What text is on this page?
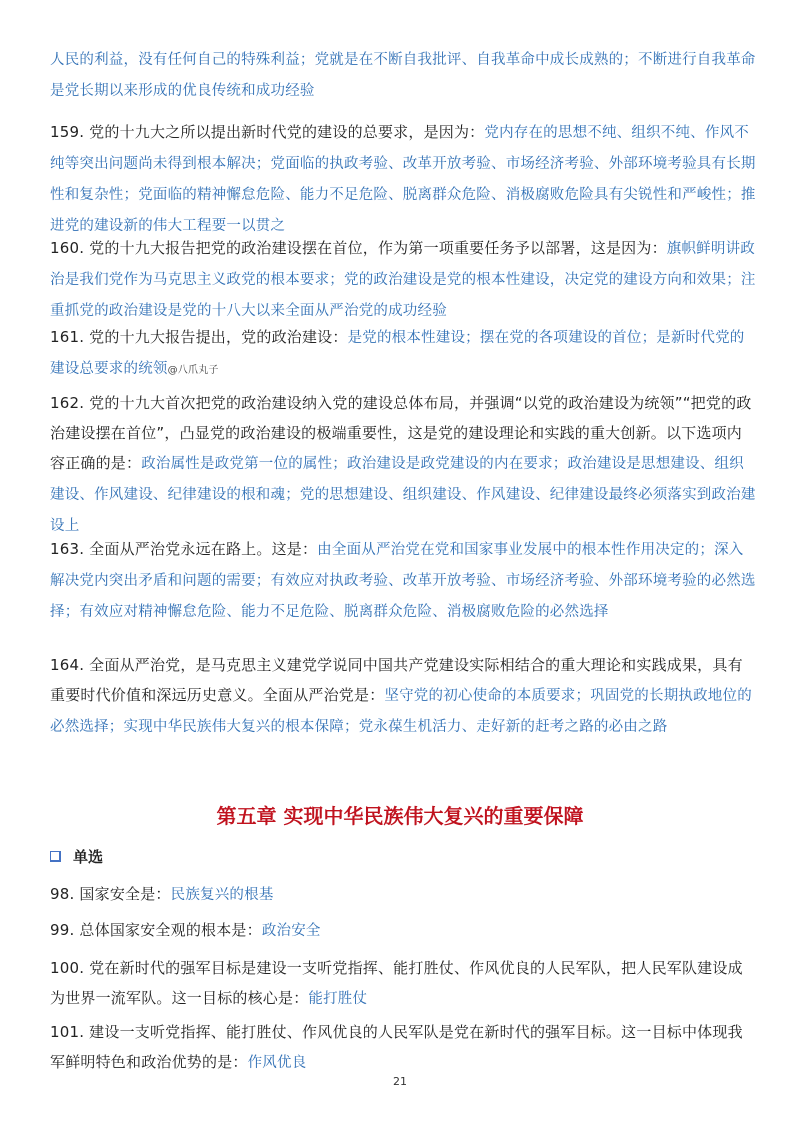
人民的利益，没有任何自己的特殊利益；党就是在不断自我批评、自我革命中成长成熟的；不断进行自我革命是党长期以来形成的优良传统和成功经验

159. 党的十九大之所以提出新时代党的建设的总要求，是因为：党内存在的思想不纯、组织不纯、作风不纯等突出问题尚未得到根本解决；党面临的执政考验、改革开放考验、市场经济考验、外部环境考验具有长期性和复杂性；党面临的精神懈怠危险、能力不足危险、脱离群众危险、消极腐败危险具有尖锐性和严峻性；推进党的建设新的伟大工程要一以贯之

160. 党的十九大报告把党的政治建设摆在首位，作为第一项重要任务予以部署，这是因为：旗帜鲜明讲政治是我们党作为马克思主义政党的根本要求；党的政治建设是党的根本性建设，决定党的建设方向和效果；注重抓党的政治建设是党的十八大以来全面从严治党的成功经验

161. 党的十九大报告提出，党的政治建设：是党的根本性建设；摆在党的各项建设的首位；是新时代党的建设总要求的统领@八爪丸子

162. 党的十九大首次把党的政治建设纳入党的建设总体布局，并强调“以党的政治建设为统领”“把党的政治建设摆在首位”，凸显党的政治建设的极端重要性，这是党的建设理论和实践的重大创新。以下选项内容正确的是：政治属性是政党第一位的属性；政治建设是政党建设的内在要求；政治建设是思想建设、组织建设、作风建设、纪律建设的根和魂；党的思想建设、组织建设、作风建设、纪律建设最终必须落实到政治建设上

163. 全面从严治党永远在路上。这是：由全面从严治党在党和国家事业发展中的根本性作用决定的；深入解决党内突出矛盾和问题的需要；有效应对执政考验、改革开放考验、市场经济考验、外部环境考验的必然选择；有效应对精神懈怠危险、能力不足危险、脱离群众危险、消极腐败危险的必然选择

164. 全面从严治党，是马克思主义建党学说同中国共产党建设实际相结合的重大理论和实践成果，具有重要时代价值和深远历史意义。全面从严治党是：坚守党的初心使命的本质要求；巩固党的长期执政地位的必然选择；实现中华民族伟大复兴的根本保障；党永葆生机活力、走好新的赶考之路的必由之路

第五章 实现中华民族伟大复兴的重要保障
单选

98. 国家安全是：民族复兴的根基

99. 总体国家安全观的根本是：政治安全

100. 党在新时代的强军目标是建设一支听党指挥、能打胜仗、作风优良的人民军队，把人民军队建设成为世界一流军队。这一目标的核心是：能打胜仗

101. 建设一支听党指挥、能打胜仗、作风优良的人民军队是党在新时代的强军目标。这一目标中体现我军鲜明特色和政治优势的是：作风优良

21
